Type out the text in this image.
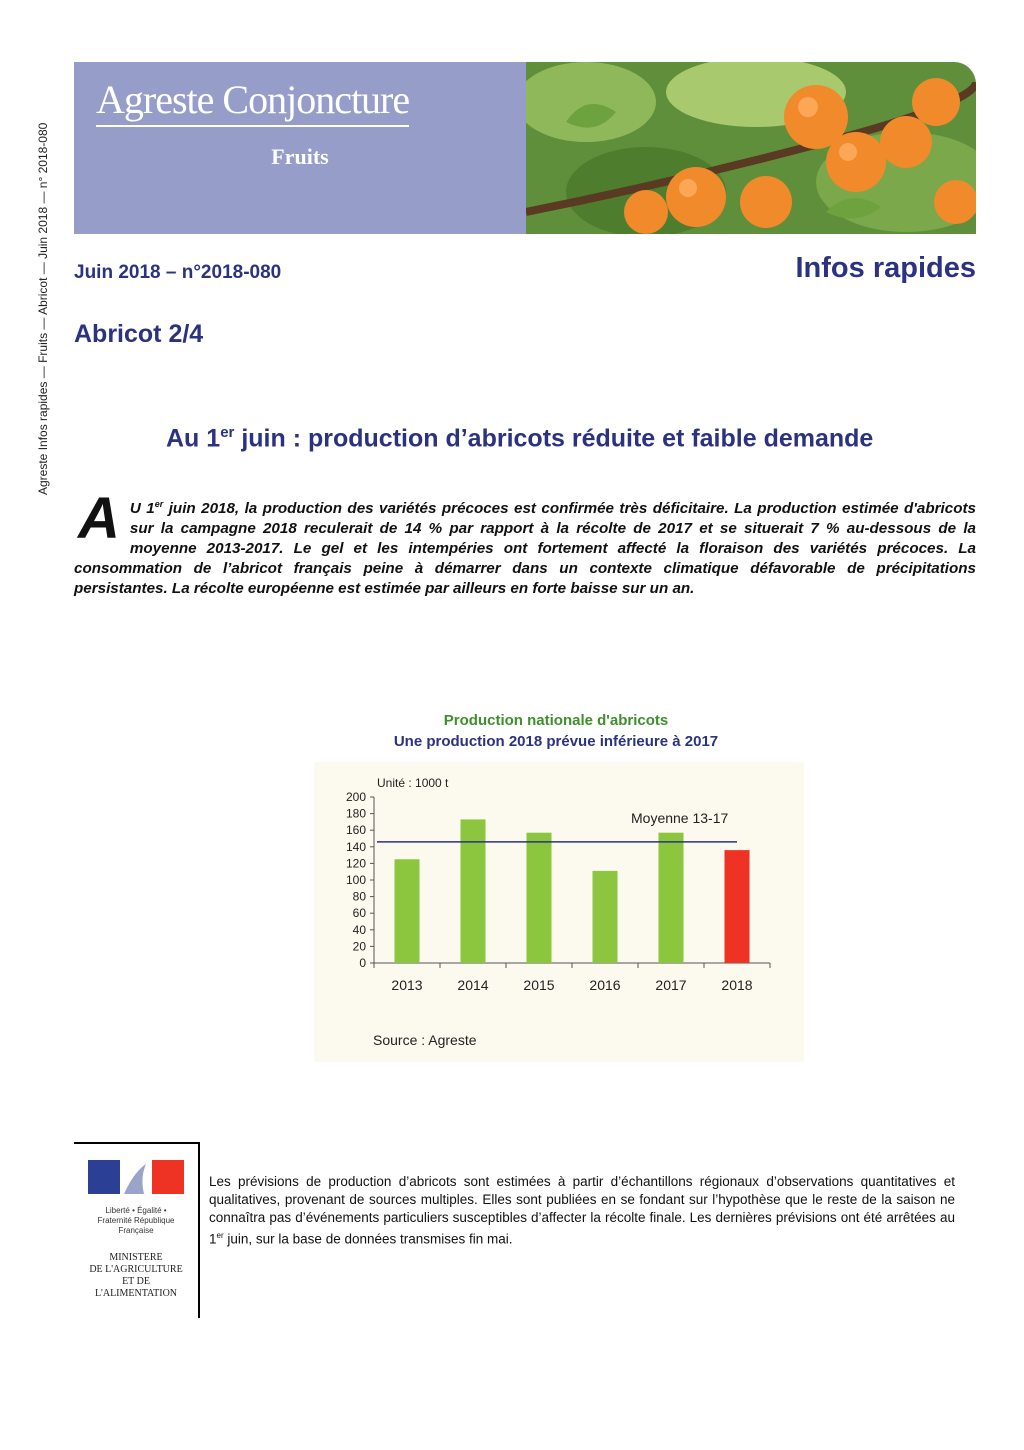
Agreste Infos rapides — Fruits — Abricot — Juin 2018 — n° 2018-080
Agreste Conjoncture
Fruits
Juin 2018 – n°2018-080	Infos rapides
Abricot 2/4
Au 1er juin : production d’abricots réduite et faible demande
A U 1er juin 2018, la production des variétés précoces est confirmée très déficitaire. La production estimée d'abricots sur la campagne 2018 reculerait de 14 % par rapport à la récolte de 2017 et se situerait 7 % au-dessous de la moyenne 2013-2017. Le gel et les intempéries ont fortement affecté la floraison des variétés précoces. La consommation de l’abricot français peine à démarrer dans un contexte climatique défavorable de précipitations persistantes. La récolte européenne est estimée par ailleurs en forte baisse sur un an.
Production nationale d'abricots
Une production 2018 prévue inférieure à 2017
Unité : 1000 t
0
20
40
60
80
100
120
140
160
180
200
2013 2014 2015 2016 2017 2018
Moyenne 13-17
Source : Agreste
Liberté • Égalité • Fraternité République Française
MINISTERE
DE L'AGRICULTURE
ET DE
L'ALIMENTATION
Les prévisions de production d’abricots sont estimées à partir d’échantillons régionaux d’observations quantitatives et qualitatives, provenant de sources multiples. Elles sont publiées en se fondant sur l’hypothèse que le reste de la saison ne connaîtra pas d’événements particuliers susceptibles d’affecter la récolte finale. Les dernières prévisions ont été arrêtées au 1er juin, sur la base de données transmises fin mai.
